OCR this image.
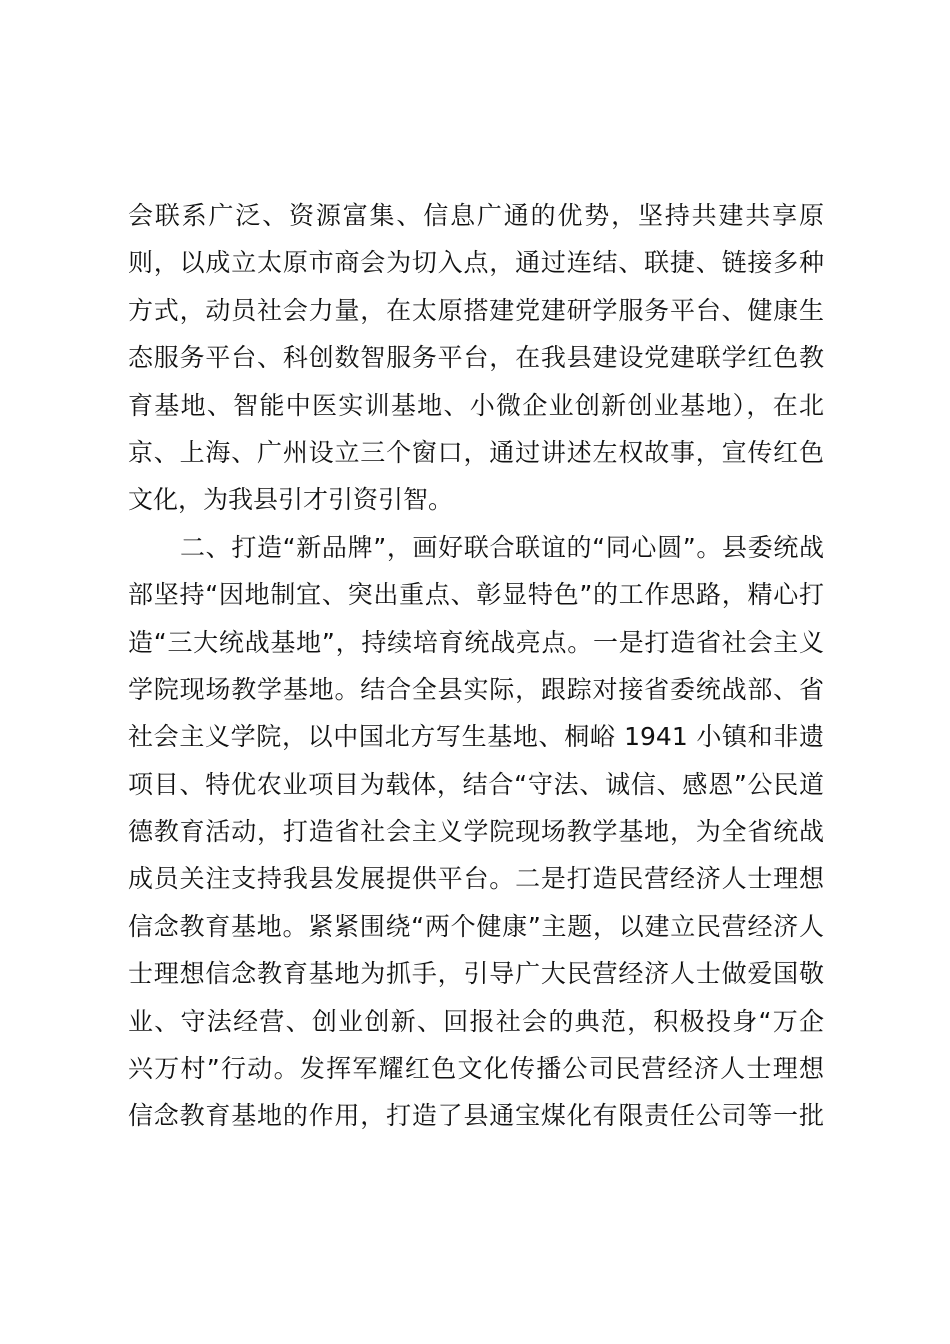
会联系广泛、资源富集、信息广通的优势，坚持共建共享原
则，以成立太原市商会为切入点，通过连结、联捷、链接多种
方式，动员社会力量，在太原搭建党建研学服务平台、健康生
态服务平台、科创数智服务平台，在我县建设党建联学红色教
育基地、智能中医实训基地、小微企业创新创业基地），在北
京、上海、广州设立三个窗口，通过讲述左权故事，宣传红色
文化，为我县引才引资引智。
二、打造“新品牌”，画好联合联谊的“同心圆”。县委统战
部坚持“因地制宜、突出重点、彰显特色”的工作思路，精心打
造“三大统战基地”，持续培育统战亮点。一是打造省社会主义
学院现场教学基地。结合全县实际，跟踪对接省委统战部、省
社会主义学院，以中国北方写生基地、桐峪 1941 小镇和非遗
项目、特优农业项目为载体，结合“守法、诚信、感恩”公民道
德教育活动，打造省社会主义学院现场教学基地，为全省统战
成员关注支持我县发展提供平台。二是打造民营经济人士理想
信念教育基地。紧紧围绕“两个健康”主题，以建立民营经济人
士理想信念教育基地为抓手，引导广大民营经济人士做爱国敬
业、守法经营、创业创新、回报社会的典范，积极投身“万企
兴万村”行动。发挥军耀红色文化传播公司民营经济人士理想
信念教育基地的作用，打造了县通宝煤化有限责任公司等一批
